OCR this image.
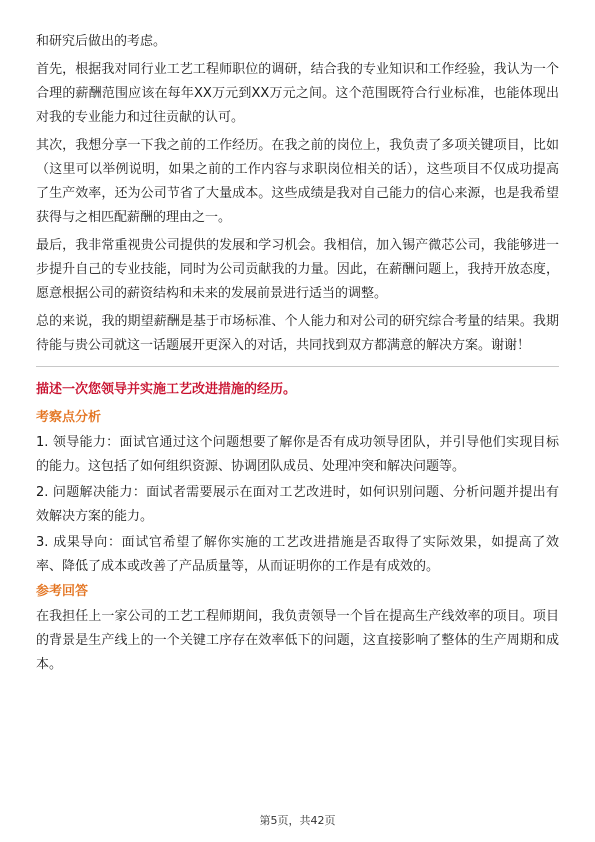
和研究后做出的考虑。

首先，根据我对同行业工艺工程师职位的调研，结合我的专业知识和工作经验，我认为一个合理的薪酬范围应该在每年XX万元到XX万元之间。这个范围既符合行业标准，也能体现出对我的专业能力和过往贡献的认可。

其次，我想分享一下我之前的工作经历。在我之前的岗位上，我负责了多项关键项目，比如（这里可以举例说明，如果之前的工作内容与求职岗位相关的话），这些项目不仅成功提高了生产效率，还为公司节省了大量成本。这些成绩是我对自己能力的信心来源，也是我希望获得与之相匹配薪酬的理由之一。

最后，我非常重视贵公司提供的发展和学习机会。我相信，加入锡产微芯公司，我能够进一步提升自己的专业技能，同时为公司贡献我的力量。因此，在薪酬问题上，我持开放态度，愿意根据公司的薪资结构和未来的发展前景进行适当的调整。

总的来说，我的期望薪酬是基于市场标准、个人能力和对公司的研究综合考量的结果。我期待能与贵公司就这一话题展开更深入的对话，共同找到双方都满意的解决方案。谢谢！

描述一次您领导并实施工艺改进措施的经历。

考察点分析

1. 领导能力：面试官通过这个问题想要了解你是否有成功领导团队，并引导他们实现目标的能力。这包括了如何组织资源、协调团队成员、处理冲突和解决问题等。

2. 问题解决能力：面试者需要展示在面对工艺改进时，如何识别问题、分析问题并提出有效解决方案的能力。

3. 成果导向：面试官希望了解你实施的工艺改进措施是否取得了实际效果，如提高了效率、降低了成本或改善了产品质量等，从而证明你的工作是有成效的。

参考回答

在我担任上一家公司的工艺工程师期间，我负责领导一个旨在提高生产线效率的项目。项目的背景是生产线上的一个关键工序存在效率低下的问题，这直接影响了整体的生产周期和成本。

第5页，共42页
